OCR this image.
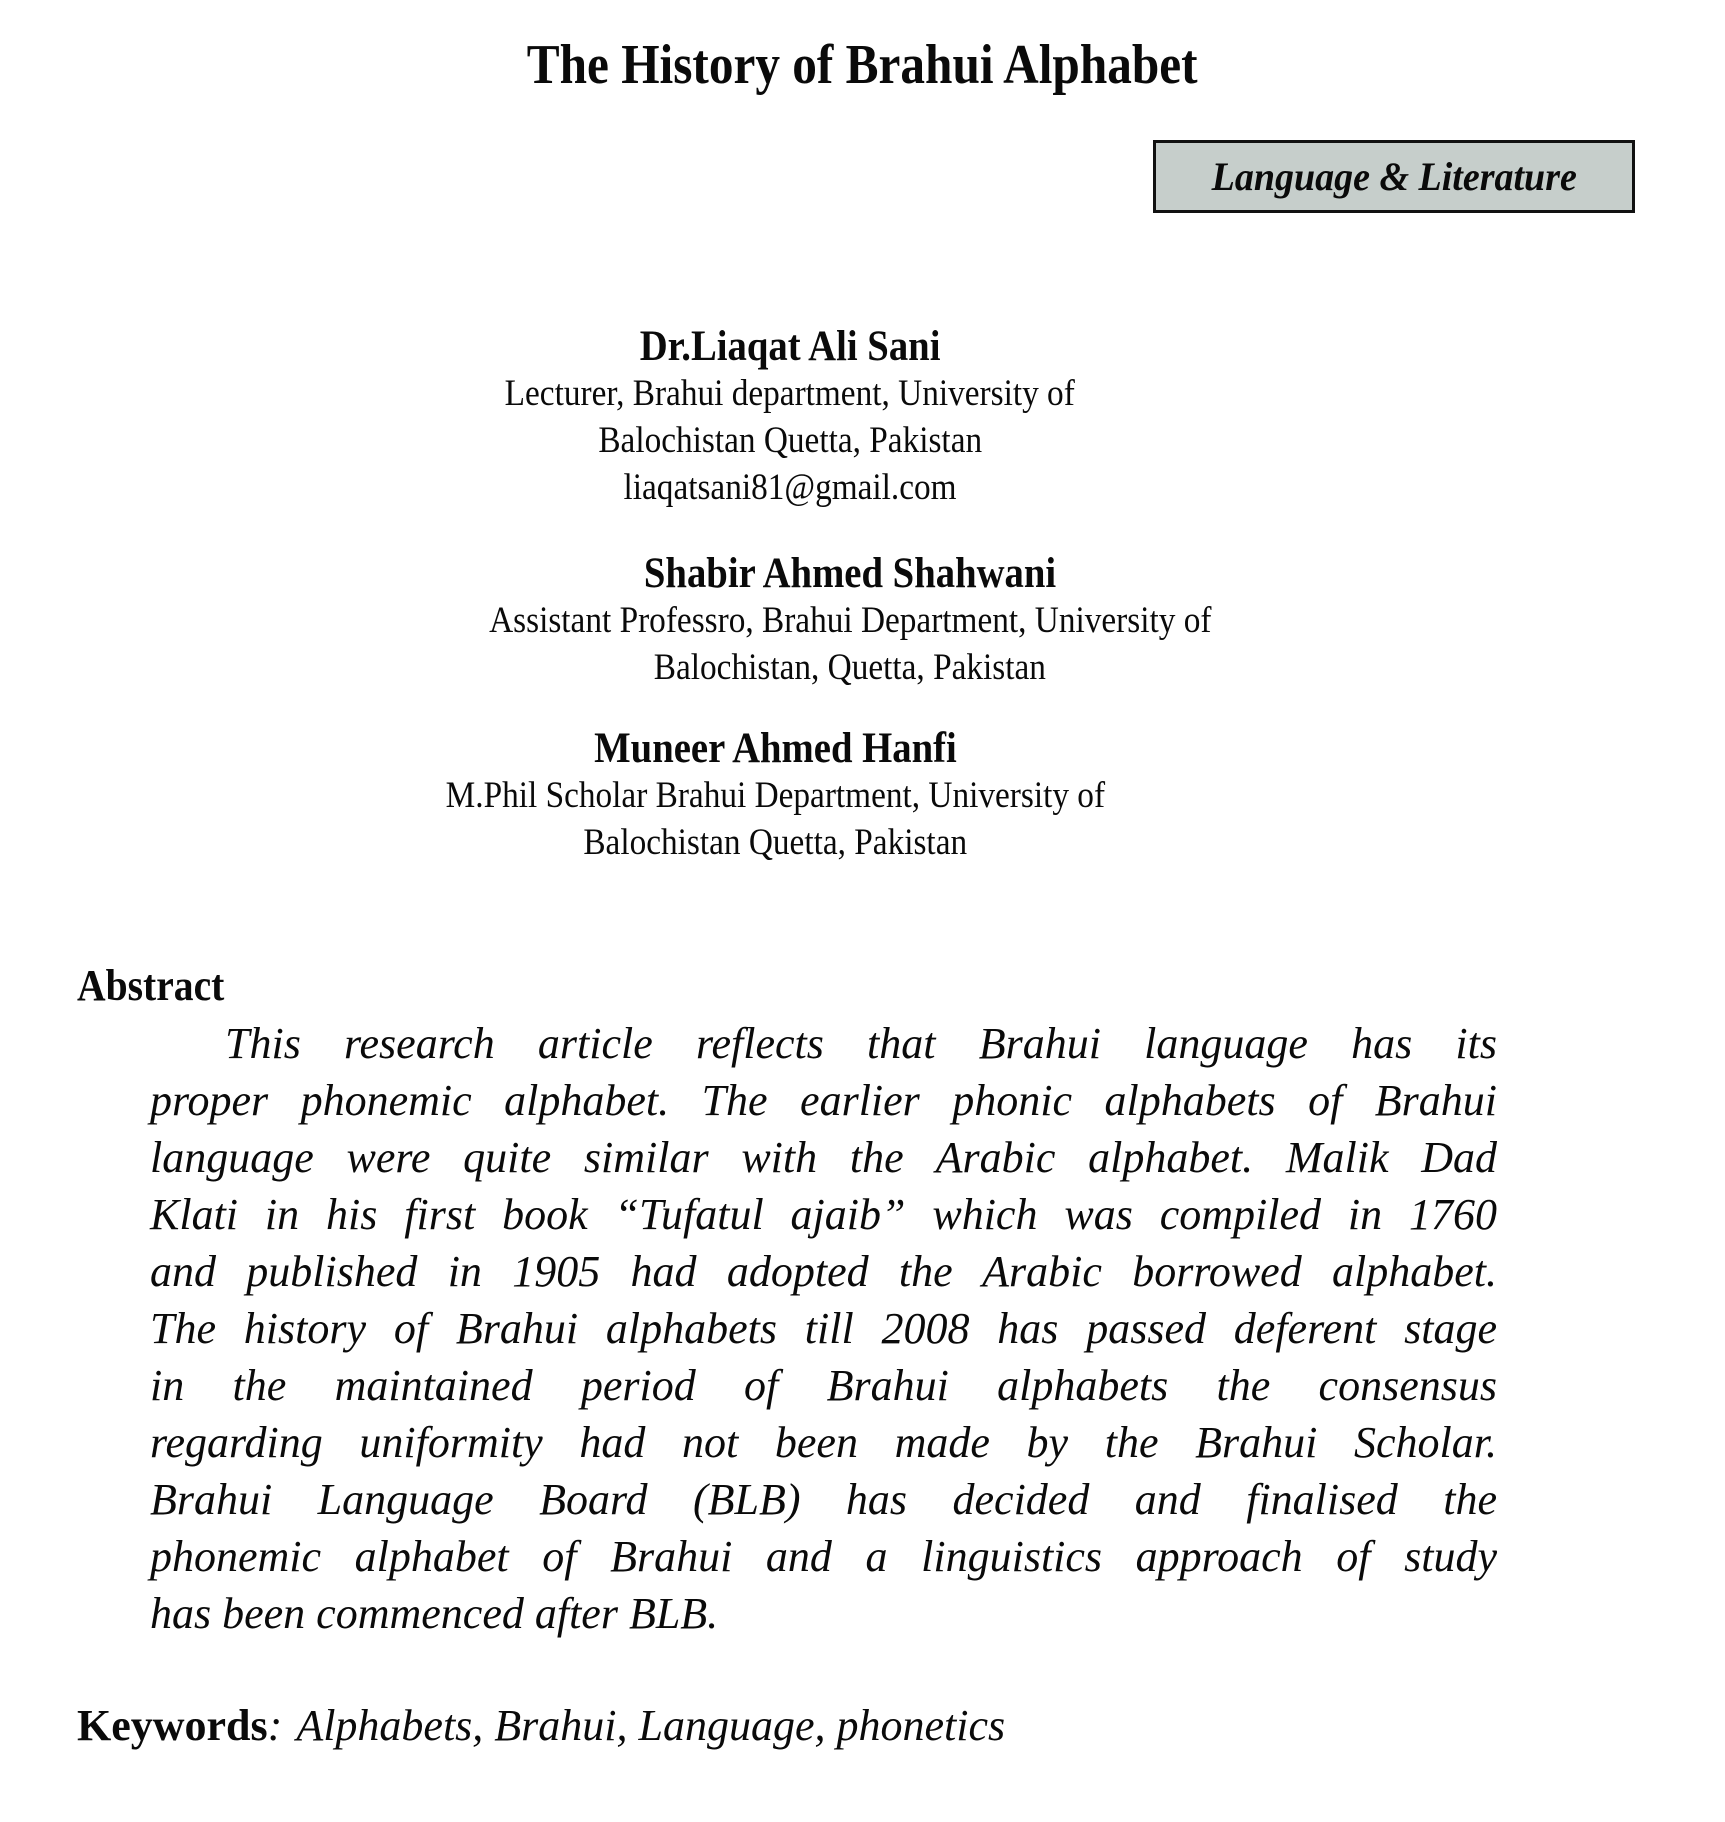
The History of Brahui Alphabet
Language & Literature
Dr.Liaqat Ali Sani
Lecturer, Brahui department, University of
Balochistan Quetta, Pakistan
liaqatsani81@gmail.com
Shabir Ahmed Shahwani
Assistant Professro, Brahui Department, University of
Balochistan, Quetta, Pakistan
Muneer Ahmed Hanfi
M.Phil Scholar Brahui Department, University of
Balochistan Quetta, Pakistan
Abstract
This research article reflects that Brahui language has its
proper phonemic alphabet. The earlier phonic alphabets of Brahui
language were quite similar with the Arabic alphabet. Malik Dad
Klati in his first book “Tufatul ajaib” which was compiled in 1760
and published in 1905 had adopted the Arabic borrowed alphabet.
The history of Brahui alphabets till 2008 has passed deferent stage
in the maintained period of Brahui alphabets the consensus
regarding uniformity had not been made by the Brahui Scholar.
Brahui Language Board (BLB) has decided and finalised the
phonemic alphabet of Brahui and a linguistics approach of study
has been commenced after BLB.
Keywords: Alphabets, Brahui, Language, phonetics
